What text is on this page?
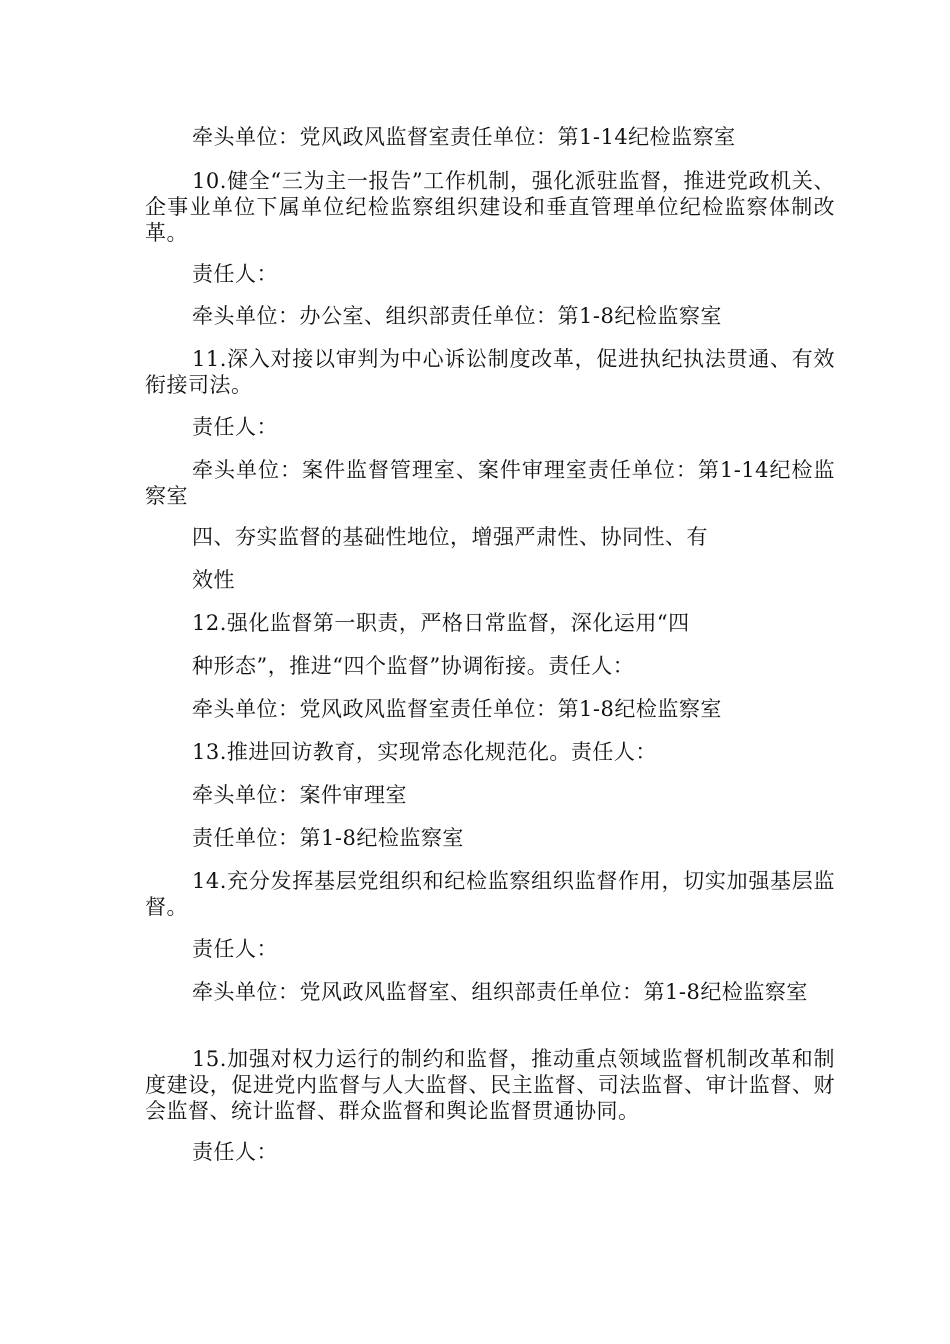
牵头单位：党风政风监督室责任单位：第1-14纪检监察室

10.健全“三为主一报告”工作机制，强化派驻监督，推进党政机关、企事业单位下属单位纪检监察组织建设和垂直管理单位纪检监察体制改革。

责任人：

牵头单位：办公室、组织部责任单位：第1-8纪检监察室

11.深入对接以审判为中心诉讼制度改革，促进执纪执法贯通、有效衔接司法。

责任人：

牵头单位：案件监督管理室、案件审理室责任单位：第1-14纪检监察室

四、夯实监督的基础性地位，增强严肃性、协同性、有

效性

12.强化监督第一职责，严格日常监督，深化运用“四

种形态”，推进“四个监督”协调衔接。责任人：

牵头单位：党风政风监督室责任单位：第1-8纪检监察室

13.推进回访教育，实现常态化规范化。责任人：

牵头单位：案件审理室

责任单位：第1-8纪检监察室

14.充分发挥基层党组织和纪检监察组织监督作用，切实加强基层监督。

责任人：

牵头单位：党风政风监督室、组织部责任单位：第1-8纪检监察室

15.加强对权力运行的制约和监督，推动重点领域监督机制改革和制度建设，促进党内监督与人大监督、民主监督、司法监督、审计监督、财会监督、统计监督、群众监督和舆论监督贯通协同。

责任人：
